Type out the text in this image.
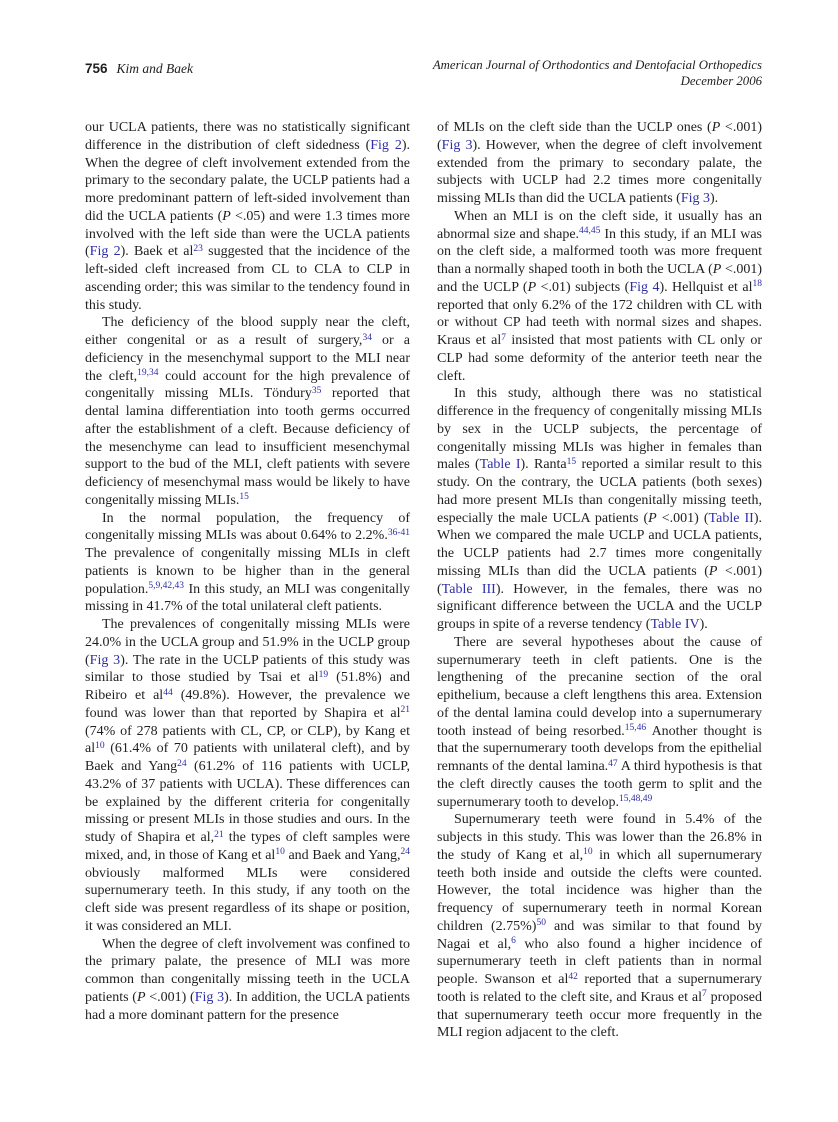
756 Kim and Baek	American Journal of Orthodontics and Dentofacial Orthopedics
December 2006

our UCLA patients, there was no statistically significant difference in the distribution of cleft sidedness (Fig 2). When the degree of cleft involvement extended from the primary to the secondary palate, the UCLP patients had a more predominant pattern of left-sided involvement than did the UCLA patients (P <.05) and were 1.3 times more involved with the left side than were the UCLA patients (Fig 2). Baek et al$^{23}$ suggested that the incidence of the left-sided cleft increased from CL to CLA to CLP in ascending order; this was similar to the tendency found in this study.

The deficiency of the blood supply near the cleft, either congenital or as a result of surgery,$^{34}$ or a deficiency in the mesenchymal support to the MLI near the cleft,$^{19,34}$ could account for the high prevalence of congenitally missing MLIs. Töndury$^{35}$ reported that dental lamina differentiation into tooth germs occurred after the establishment of a cleft. Because deficiency of the mesenchyme can lead to insufficient mesenchymal support to the bud of the MLI, cleft patients with severe deficiency of mesenchymal mass would be likely to have congenitally missing MLIs.$^{15}$

In the normal population, the frequency of congenitally missing MLIs was about 0.64% to 2.2%.$^{36-41}$ The prevalence of congenitally missing MLIs in cleft patients is known to be higher than in the general population.$^{5,9,42,43}$ In this study, an MLI was congenitally missing in 41.7% of the total unilateral cleft patients.

The prevalences of congenitally missing MLIs were 24.0% in the UCLA group and 51.9% in the UCLP group (Fig 3). The rate in the UCLP patients of this study was similar to those studied by Tsai et al$^{19}$ (51.8%) and Ribeiro et al$^{44}$ (49.8%). However, the prevalence we found was lower than that reported by Shapira et al$^{21}$ (74% of 278 patients with CL, CP, or CLP), by Kang et al$^{10}$ (61.4% of 70 patients with unilateral cleft), and by Baek and Yang$^{24}$ (61.2% of 116 patients with UCLP, 43.2% of 37 patients with UCLA). These differences can be explained by the different criteria for congenitally missing or present MLIs in those studies and ours. In the study of Shapira et al,$^{21}$ the types of cleft samples were mixed, and, in those of Kang et al$^{10}$ and Baek and Yang,$^{24}$ obviously malformed MLIs were considered supernumerary teeth. In this study, if any tooth on the cleft side was present regardless of its shape or position, it was considered an MLI.

When the degree of cleft involvement was confined to the primary palate, the presence of MLI was more common than congenitally missing teeth in the UCLA patients (P <.001) (Fig 3). In addition, the UCLA patients had a more dominant pattern for the presence

of MLIs on the cleft side than the UCLP ones (P <.001) (Fig 3). However, when the degree of cleft involvement extended from the primary to secondary palate, the subjects with UCLP had 2.2 times more congenitally missing MLIs than did the UCLA patients (Fig 3).

When an MLI is on the cleft side, it usually has an abnormal size and shape.$^{44,45}$ In this study, if an MLI was on the cleft side, a malformed tooth was more frequent than a normally shaped tooth in both the UCLA (P <.001) and the UCLP (P <.01) subjects (Fig 4). Hellquist et al$^{18}$ reported that only 6.2% of the 172 children with CL with or without CP had teeth with normal sizes and shapes. Kraus et al$^7$ insisted that most patients with CL only or CLP had some deformity of the anterior teeth near the cleft.

In this study, although there was no statistical difference in the frequency of congenitally missing MLIs by sex in the UCLP subjects, the percentage of congenitally missing MLIs was higher in females than males (Table I). Ranta$^{15}$ reported a similar result to this study. On the contrary, the UCLA patients (both sexes) had more present MLIs than congenitally missing teeth, especially the male UCLA patients (P <.001) (Table II). When we compared the male UCLP and UCLA patients, the UCLP patients had 2.7 times more congenitally missing MLIs than did the UCLA patients (P <.001) (Table III). However, in the females, there was no significant difference between the UCLA and the UCLP groups in spite of a reverse tendency (Table IV).

There are several hypotheses about the cause of supernumerary teeth in cleft patients. One is the lengthening of the precanine section of the oral epithelium, because a cleft lengthens this area. Extension of the dental lamina could develop into a supernumerary tooth instead of being resorbed.$^{15,46}$ Another thought is that the supernumerary tooth develops from the epithelial remnants of the dental lamina.$^{47}$ A third hypothesis is that the cleft directly causes the tooth germ to split and the supernumerary tooth to develop.$^{15,48,49}$

Supernumerary teeth were found in 5.4% of the subjects in this study. This was lower than the 26.8% in the study of Kang et al,$^{10}$ in which all supernumerary teeth both inside and outside the clefts were counted. However, the total incidence was higher than the frequency of supernumerary teeth in normal Korean children (2.75%)$^{50}$ and was similar to that found by Nagai et al,$^6$ who also found a higher incidence of supernumerary teeth in cleft patients than in normal people. Swanson et al$^{42}$ reported that a supernumerary tooth is related to the cleft site, and Kraus et al$^7$ proposed that supernumerary teeth occur more frequently in the MLI region adjacent to the cleft.
